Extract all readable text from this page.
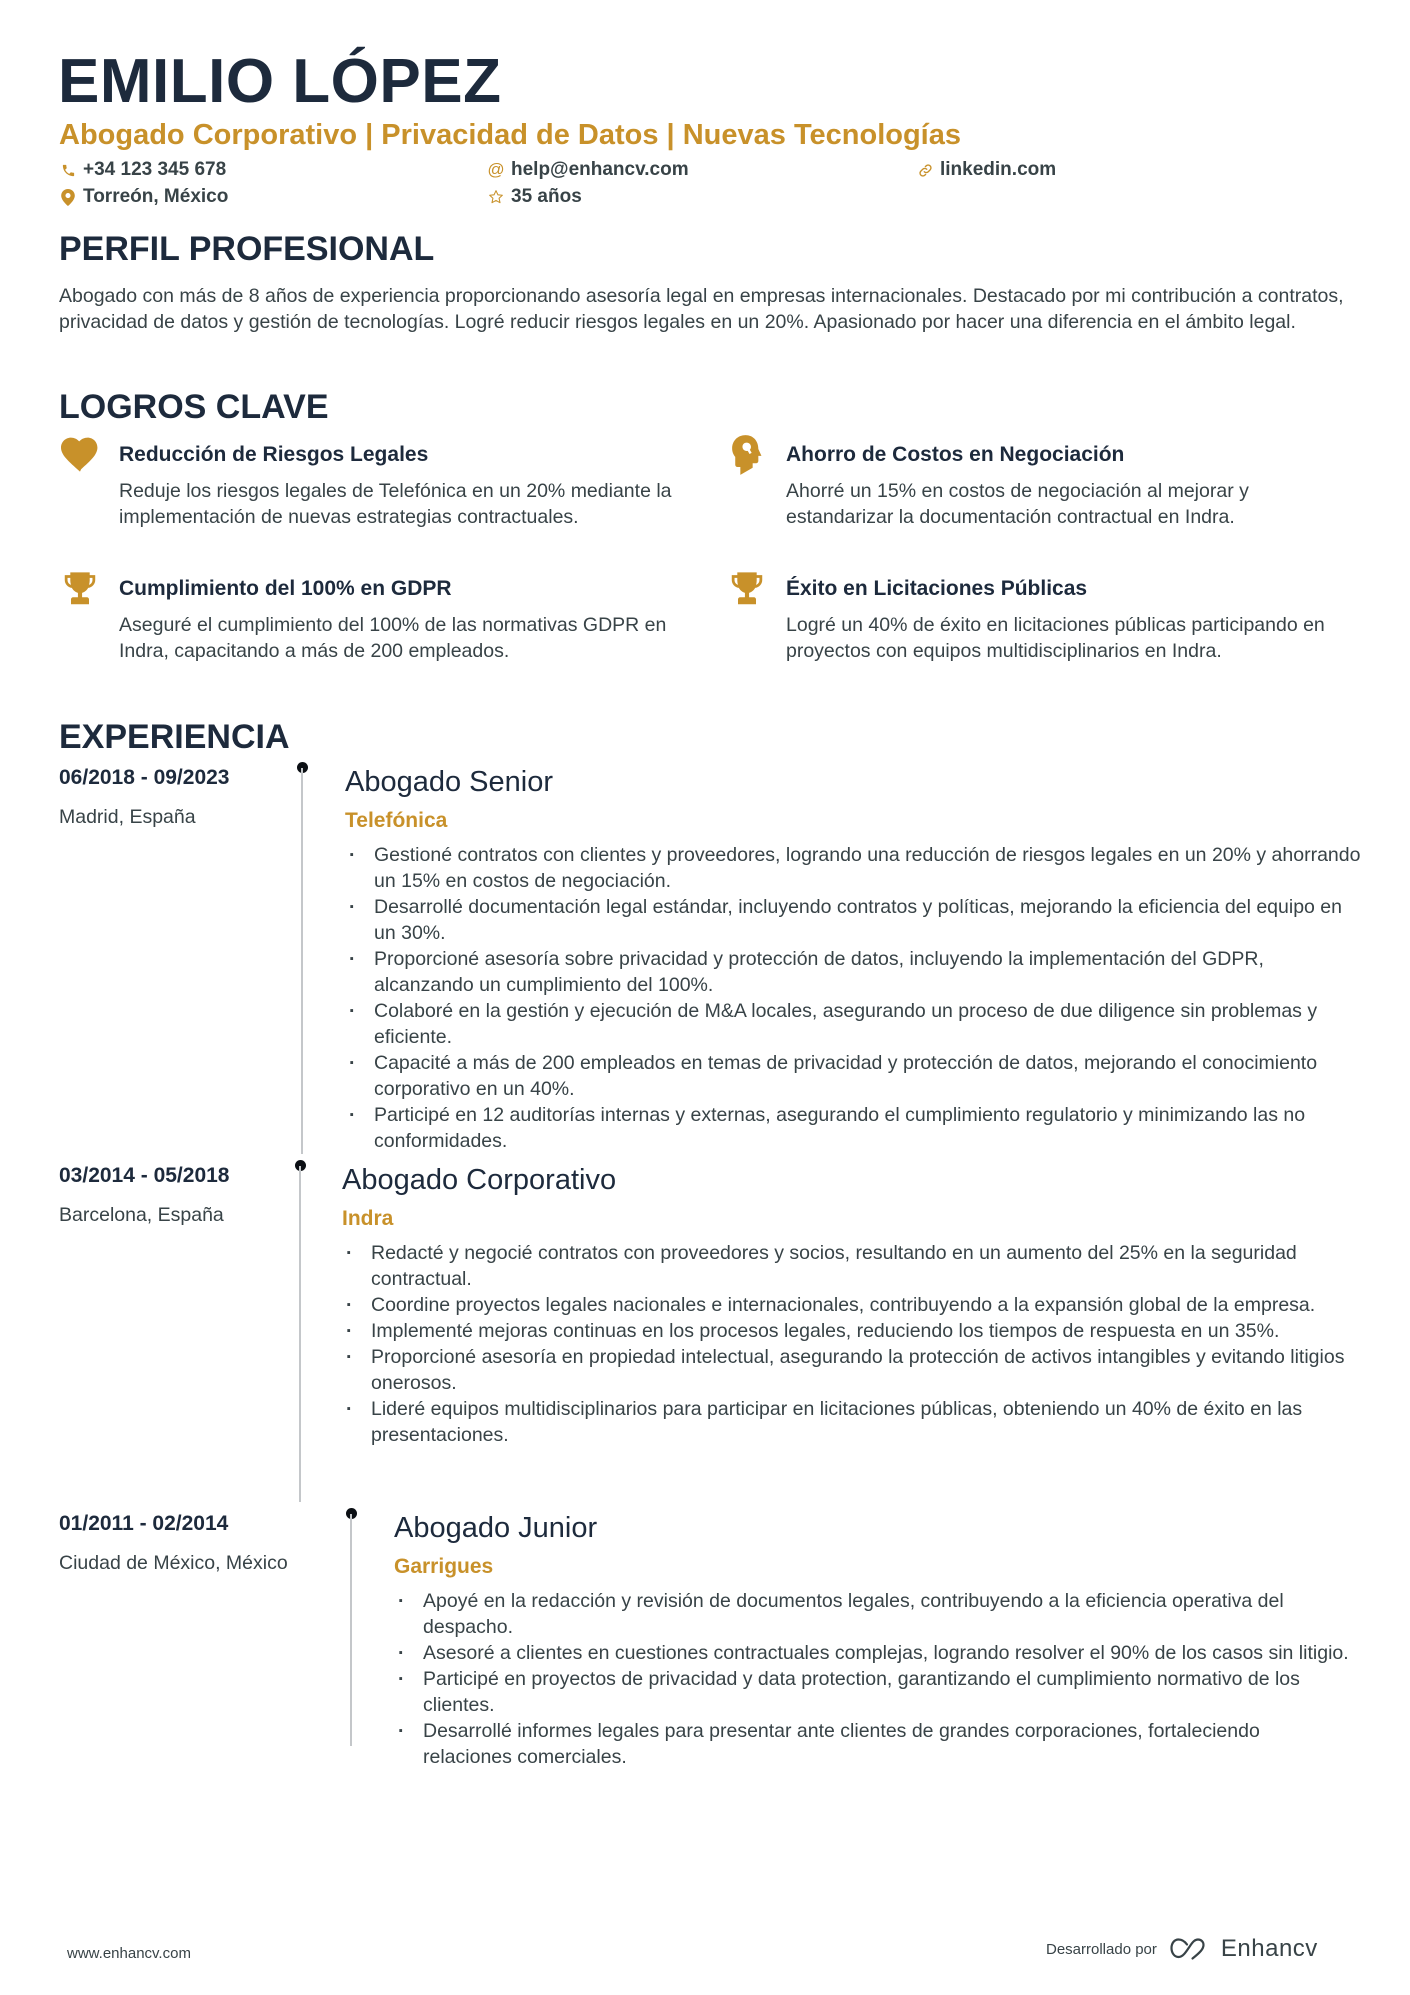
EMILIO LÓPEZ
Abogado Corporativo | Privacidad de Datos | Nuevas Tecnologías
+34 123 345 678	@ help@enhancv.com	linkedin.com
Torreón, México	35 años
PERFIL PROFESIONAL
Abogado con más de 8 años de experiencia proporcionando asesoría legal en empresas internacionales. Destacado por mi contribución a contratos, privacidad de datos y gestión de tecnologías. Logré reducir riesgos legales en un 20%. Apasionado por hacer una diferencia en el ámbito legal.
LOGROS CLAVE
Reducción de Riesgos Legales
Reduje los riesgos legales de Telefónica en un 20% mediante la implementación de nuevas estrategias contractuales.
Ahorro de Costos en Negociación
Ahorré un 15% en costos de negociación al mejorar y estandarizar la documentación contractual en Indra.
Cumplimiento del 100% en GDPR
Aseguré el cumplimiento del 100% de las normativas GDPR en Indra, capacitando a más de 200 empleados.
Éxito en Licitaciones Públicas
Logré un 40% de éxito en licitaciones públicas participando en proyectos con equipos multidisciplinarios en Indra.
EXPERIENCIA
06/2018 - 09/2023
Madrid, España
Abogado Senior
Telefónica
· Gestioné contratos con clientes y proveedores, logrando una reducción de riesgos legales en un 20% y ahorrando un 15% en costos de negociación.
· Desarrollé documentación legal estándar, incluyendo contratos y políticas, mejorando la eficiencia del equipo en un 30%.
· Proporcioné asesoría sobre privacidad y protección de datos, incluyendo la implementación del GDPR, alcanzando un cumplimiento del 100%.
· Colaboré en la gestión y ejecución de M&A locales, asegurando un proceso de due diligence sin problemas y eficiente.
· Capacité a más de 200 empleados en temas de privacidad y protección de datos, mejorando el conocimiento corporativo en un 40%.
· Participé en 12 auditorías internas y externas, asegurando el cumplimiento regulatorio y minimizando las no conformidades.
03/2014 - 05/2018
Barcelona, España
Abogado Corporativo
Indra
· Redacté y negocié contratos con proveedores y socios, resultando en un aumento del 25% en la seguridad contractual.
· Coordine proyectos legales nacionales e internacionales, contribuyendo a la expansión global de la empresa.
· Implementé mejoras continuas en los procesos legales, reduciendo los tiempos de respuesta en un 35%.
· Proporcioné asesoría en propiedad intelectual, asegurando la protección de activos intangibles y evitando litigios onerosos.
· Lideré equipos multidisciplinarios para participar en licitaciones públicas, obteniendo un 40% de éxito en las presentaciones.
01/2011 - 02/2014
Ciudad de México, México
Abogado Junior
Garrigues
· Apoyé en la redacción y revisión de documentos legales, contribuyendo a la eficiencia operativa del despacho.
· Asesoré a clientes en cuestiones contractuales complejas, logrando resolver el 90% de los casos sin litigio.
· Participé en proyectos de privacidad y data protection, garantizando el cumplimiento normativo de los clientes.
· Desarrollé informes legales para presentar ante clientes de grandes corporaciones, fortaleciendo relaciones comerciales.
www.enhancv.com	Desarrollado por	Enhancv
